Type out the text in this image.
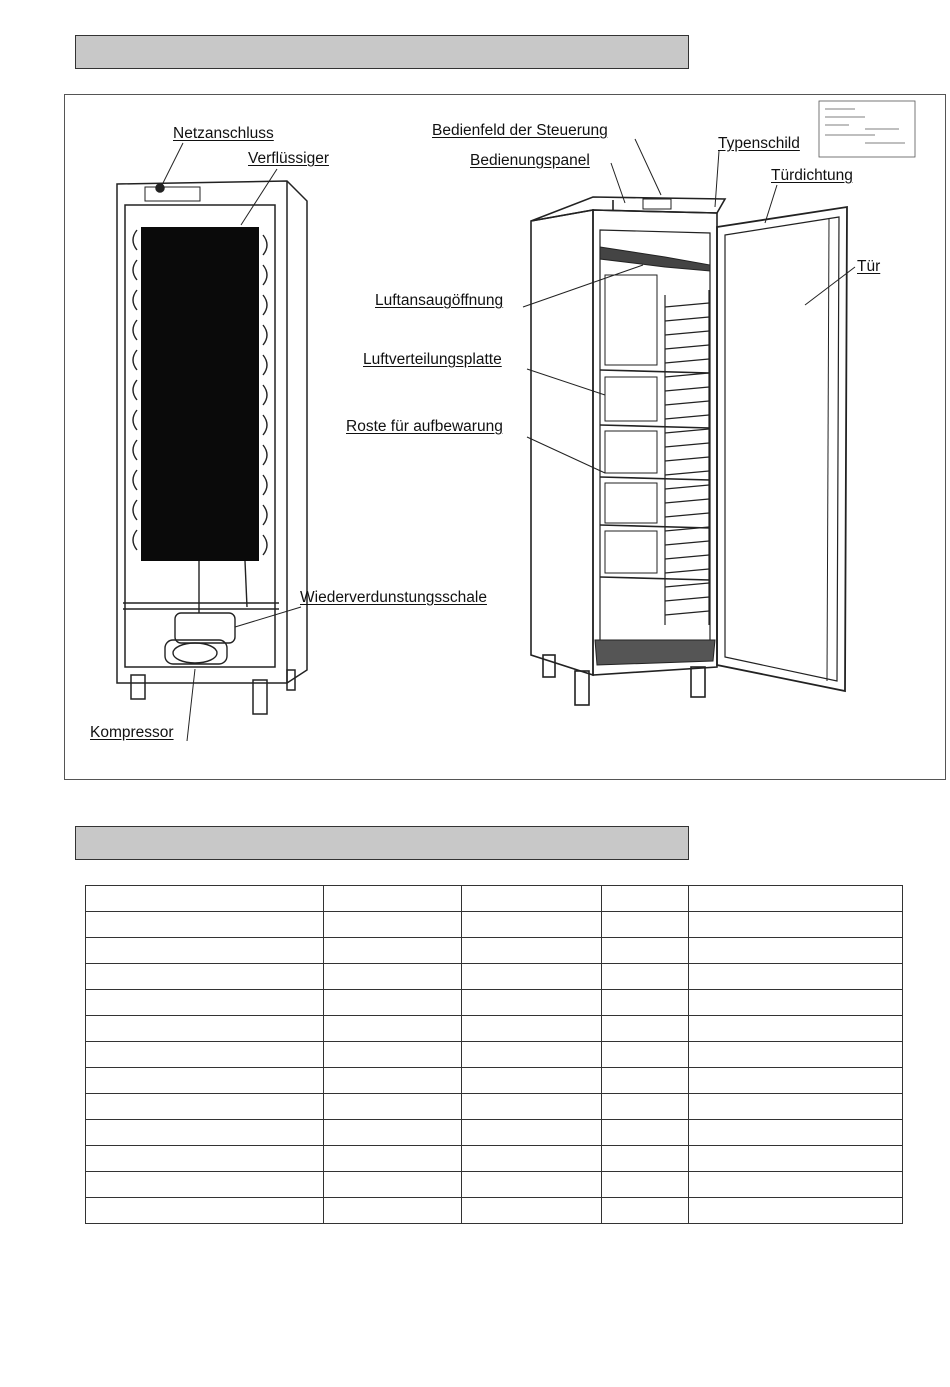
Netzanschluss
Verflüssiger
Bedienfeld der Steuerung
Bedienungspanel
Typenschild
Türdichtung
Tür
Luftansaugöffnung
Luftverteilungsplatte
Roste für aufbewarung
Wiederverdunstungsschale
Kompressor
